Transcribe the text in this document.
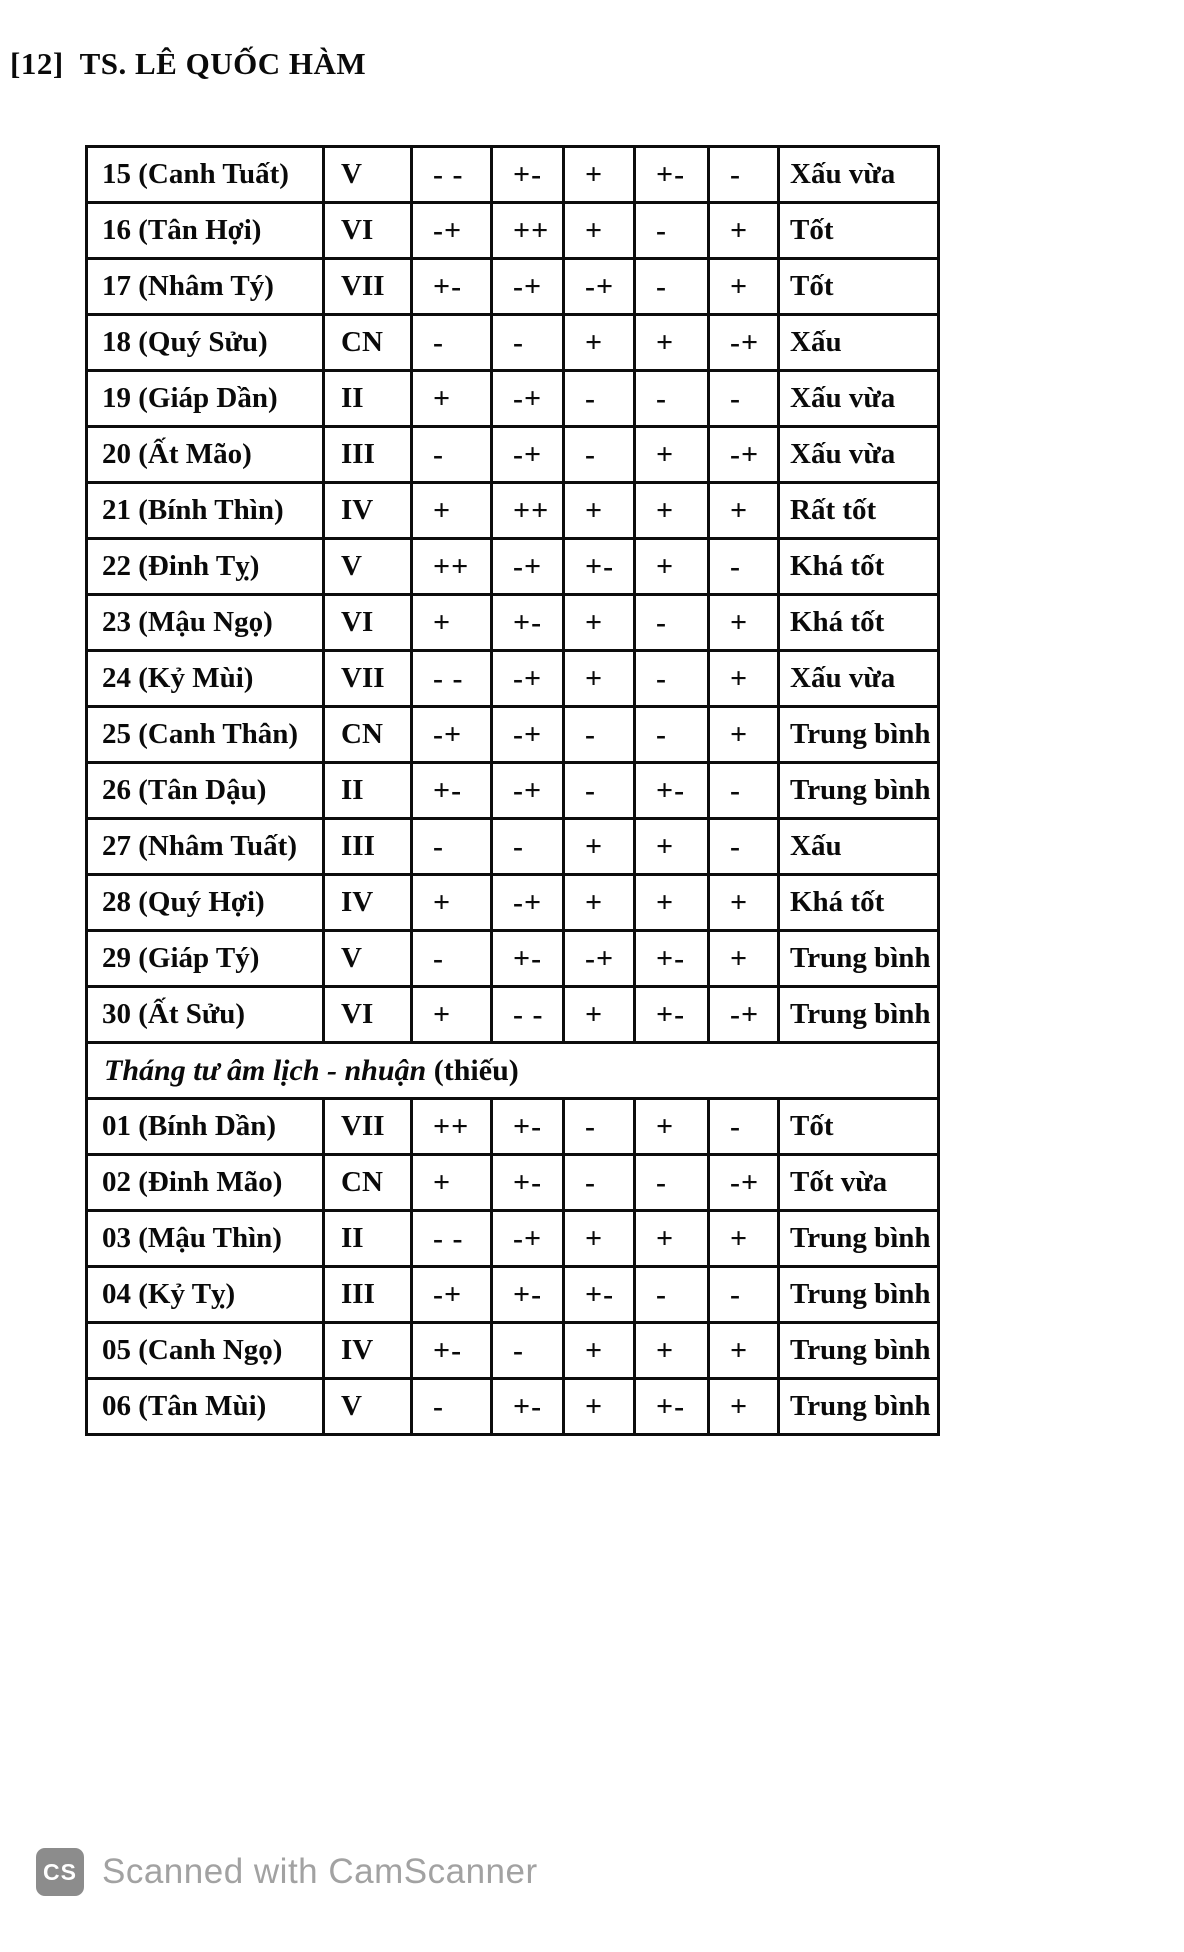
[12]  TS. LÊ QUỐC HÀM
15 (Canh Tuất)	V	- -	+-	+	+-	-	Xấu vừa
16 (Tân Hợi)	VI	-+	++	+	-	+	Tốt
17 (Nhâm Tý)	VII	+-	-+	-+	-	+	Tốt
18 (Quý Sửu)	CN	-	-	+	+	-+	Xấu
19 (Giáp Dần)	II	+	-+	-	-	-	Xấu vừa
20 (Ất Mão)	III	-	-+	-	+	-+	Xấu vừa
21 (Bính Thìn)	IV	+	++	+	+	+	Rất tốt
22 (Đinh Tỵ)	V	++	-+	+-	+	-	Khá tốt
23 (Mậu Ngọ)	VI	+	+-	+	-	+	Khá tốt
24 (Kỷ Mùi)	VII	- -	-+	+	-	+	Xấu vừa
25 (Canh Thân)	CN	-+	-+	-	-	+	Trung bình
26 (Tân Dậu)	II	+-	-+	-	+-	-	Trung bình
27 (Nhâm Tuất)	III	-	-	+	+	-	Xấu
28 (Quý Hợi)	IV	+	-+	+	+	+	Khá tốt
29 (Giáp Tý)	V	-	+-	-+	+-	+	Trung bình
30 (Ất Sửu)	VI	+	- -	+	+-	-+	Trung bình
Tháng tư âm lịch - nhuận (thiếu)							
01 (Bính Dần)	VII	++	+-	-	+	-	Tốt
02 (Đinh Mão)	CN	+	+-	-	-	-+	Tốt vừa
03 (Mậu Thìn)	II	- -	-+	+	+	+	Trung bình
04 (Kỷ Tỵ)	III	-+	+-	+-	-	-	Trung bình
05 (Canh Ngọ)	IV	+-	-	+	+	+	Trung bình
06 (Tân Mùi)	V	-	+-	+	+-	+	Trung bình
CS Scanned with CamScanner
